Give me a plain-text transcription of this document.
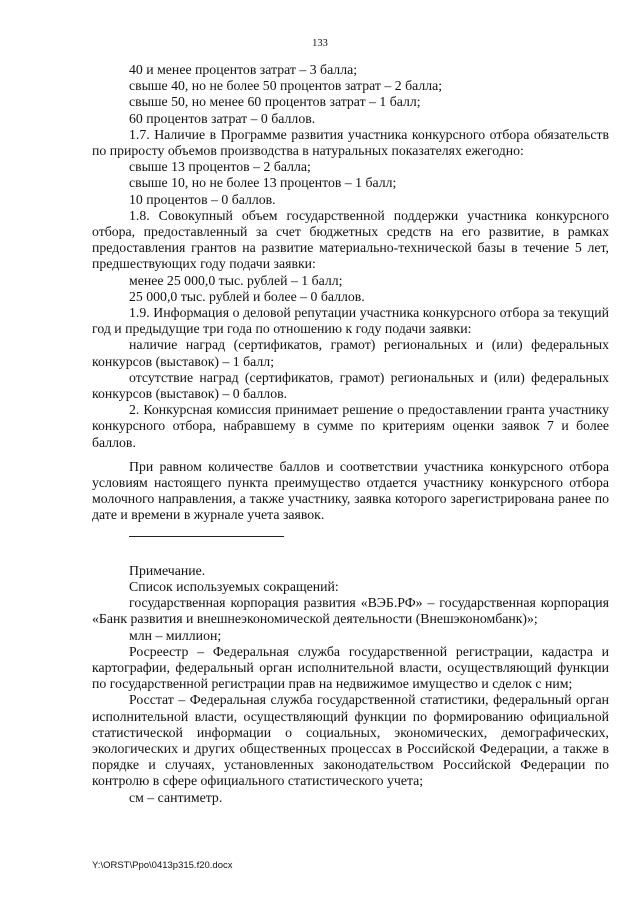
133

40 и менее процентов затрат – 3 балла;

свыше 40, но не более 50 процентов затрат – 2 балла;

свыше 50, но менее 60 процентов затрат – 1 балл;

60 процентов затрат – 0 баллов.

1.7. Наличие в Программе развития участника конкурсного отбора обязательств по приросту объемов производства в натуральных показателях ежегодно:

свыше 13 процентов – 2 балла;

свыше 10, но не более 13 процентов – 1 балл;

10 процентов – 0 баллов.

1.8. Совокупный объем государственной поддержки участника конкурсного отбора, предоставленный за счет бюджетных средств на его развитие, в рамках предоставления грантов на развитие материально-технической базы в течение 5 лет, предшествующих году подачи заявки:

менее 25 000,0 тыс. рублей – 1 балл;

25 000,0 тыс. рублей и более – 0 баллов.

1.9. Информация о деловой репутации участника конкурсного отбора за текущий год и предыдущие три года по отношению к году подачи заявки:

наличие наград (сертификатов, грамот) региональных и (или) федеральных конкурсов (выставок) – 1 балл;

отсутствие наград (сертификатов, грамот) региональных и (или) федеральных конкурсов (выставок) – 0 баллов.

2. Конкурсная комиссия принимает решение о предоставлении гранта участнику конкурсного отбора, набравшему в сумме по критериям оценки заявок 7 и более баллов.

При равном количестве баллов и соответствии участника конкурсного отбора условиям настоящего пункта преимущество отдается участнику конкурсного отбора молочного направления, а также участнику, заявка которого зарегистрирована ранее по дате и времени в журнале учета заявок.

Примечание.

Список используемых сокращений:

государственная корпорация развития «ВЭБ.РФ» – государственная корпорация «Банк развития и внешнеэкономической деятельности (Внешэкономбанк)»;

млн – миллион;

Росреестр – Федеральная служба государственной регистрации, кадастра и картографии, федеральный орган исполнительной власти, осуществляющий функции по государственной регистрации прав на недвижимое имущество и сделок с ним;

Росстат – Федеральная служба государственной статистики, федеральный орган исполнительной власти, осуществляющий функции по формированию официальной статистической информации о социальных, экономических, демографических, экологических и других общественных процессах в Российской Федерации, а также в порядке и случаях, установленных законодательством Российской Федерации по контролю в сфере официального статистического учета;

см – сантиметр.

Y:\ORST\Ppo\0413p315.f20.docx
